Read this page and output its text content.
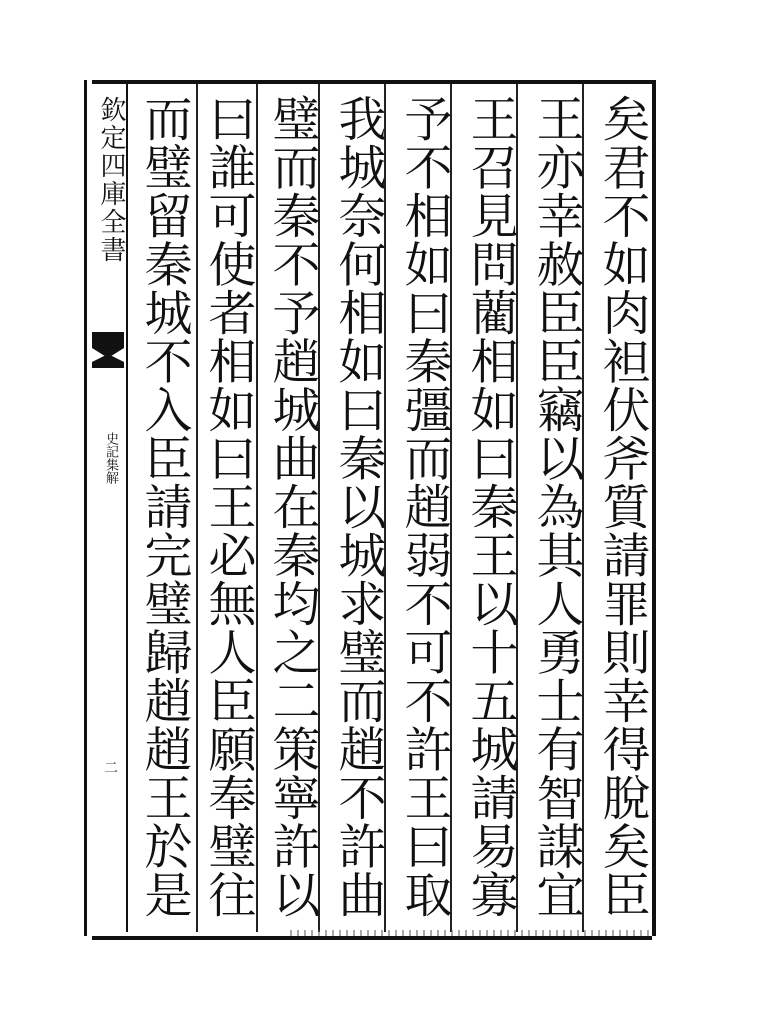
欽定四庫全書
史記集解
二
矣君不如肉袒伏斧質請罪則幸得脫矣臣
王亦幸赦臣臣竊以為其人勇士有智謀宜
王召見問藺相如曰秦王以十五城請易寡
予不相如曰秦彊而趙弱不可不許王曰取
我城奈何相如曰秦以城求璧而趙不許曲
璧而秦不予趙城曲在秦均之二策寧許以
曰誰可使者相如曰王必無人臣願奉璧往
而璧留秦城不入臣請完璧歸趙趙王於是
